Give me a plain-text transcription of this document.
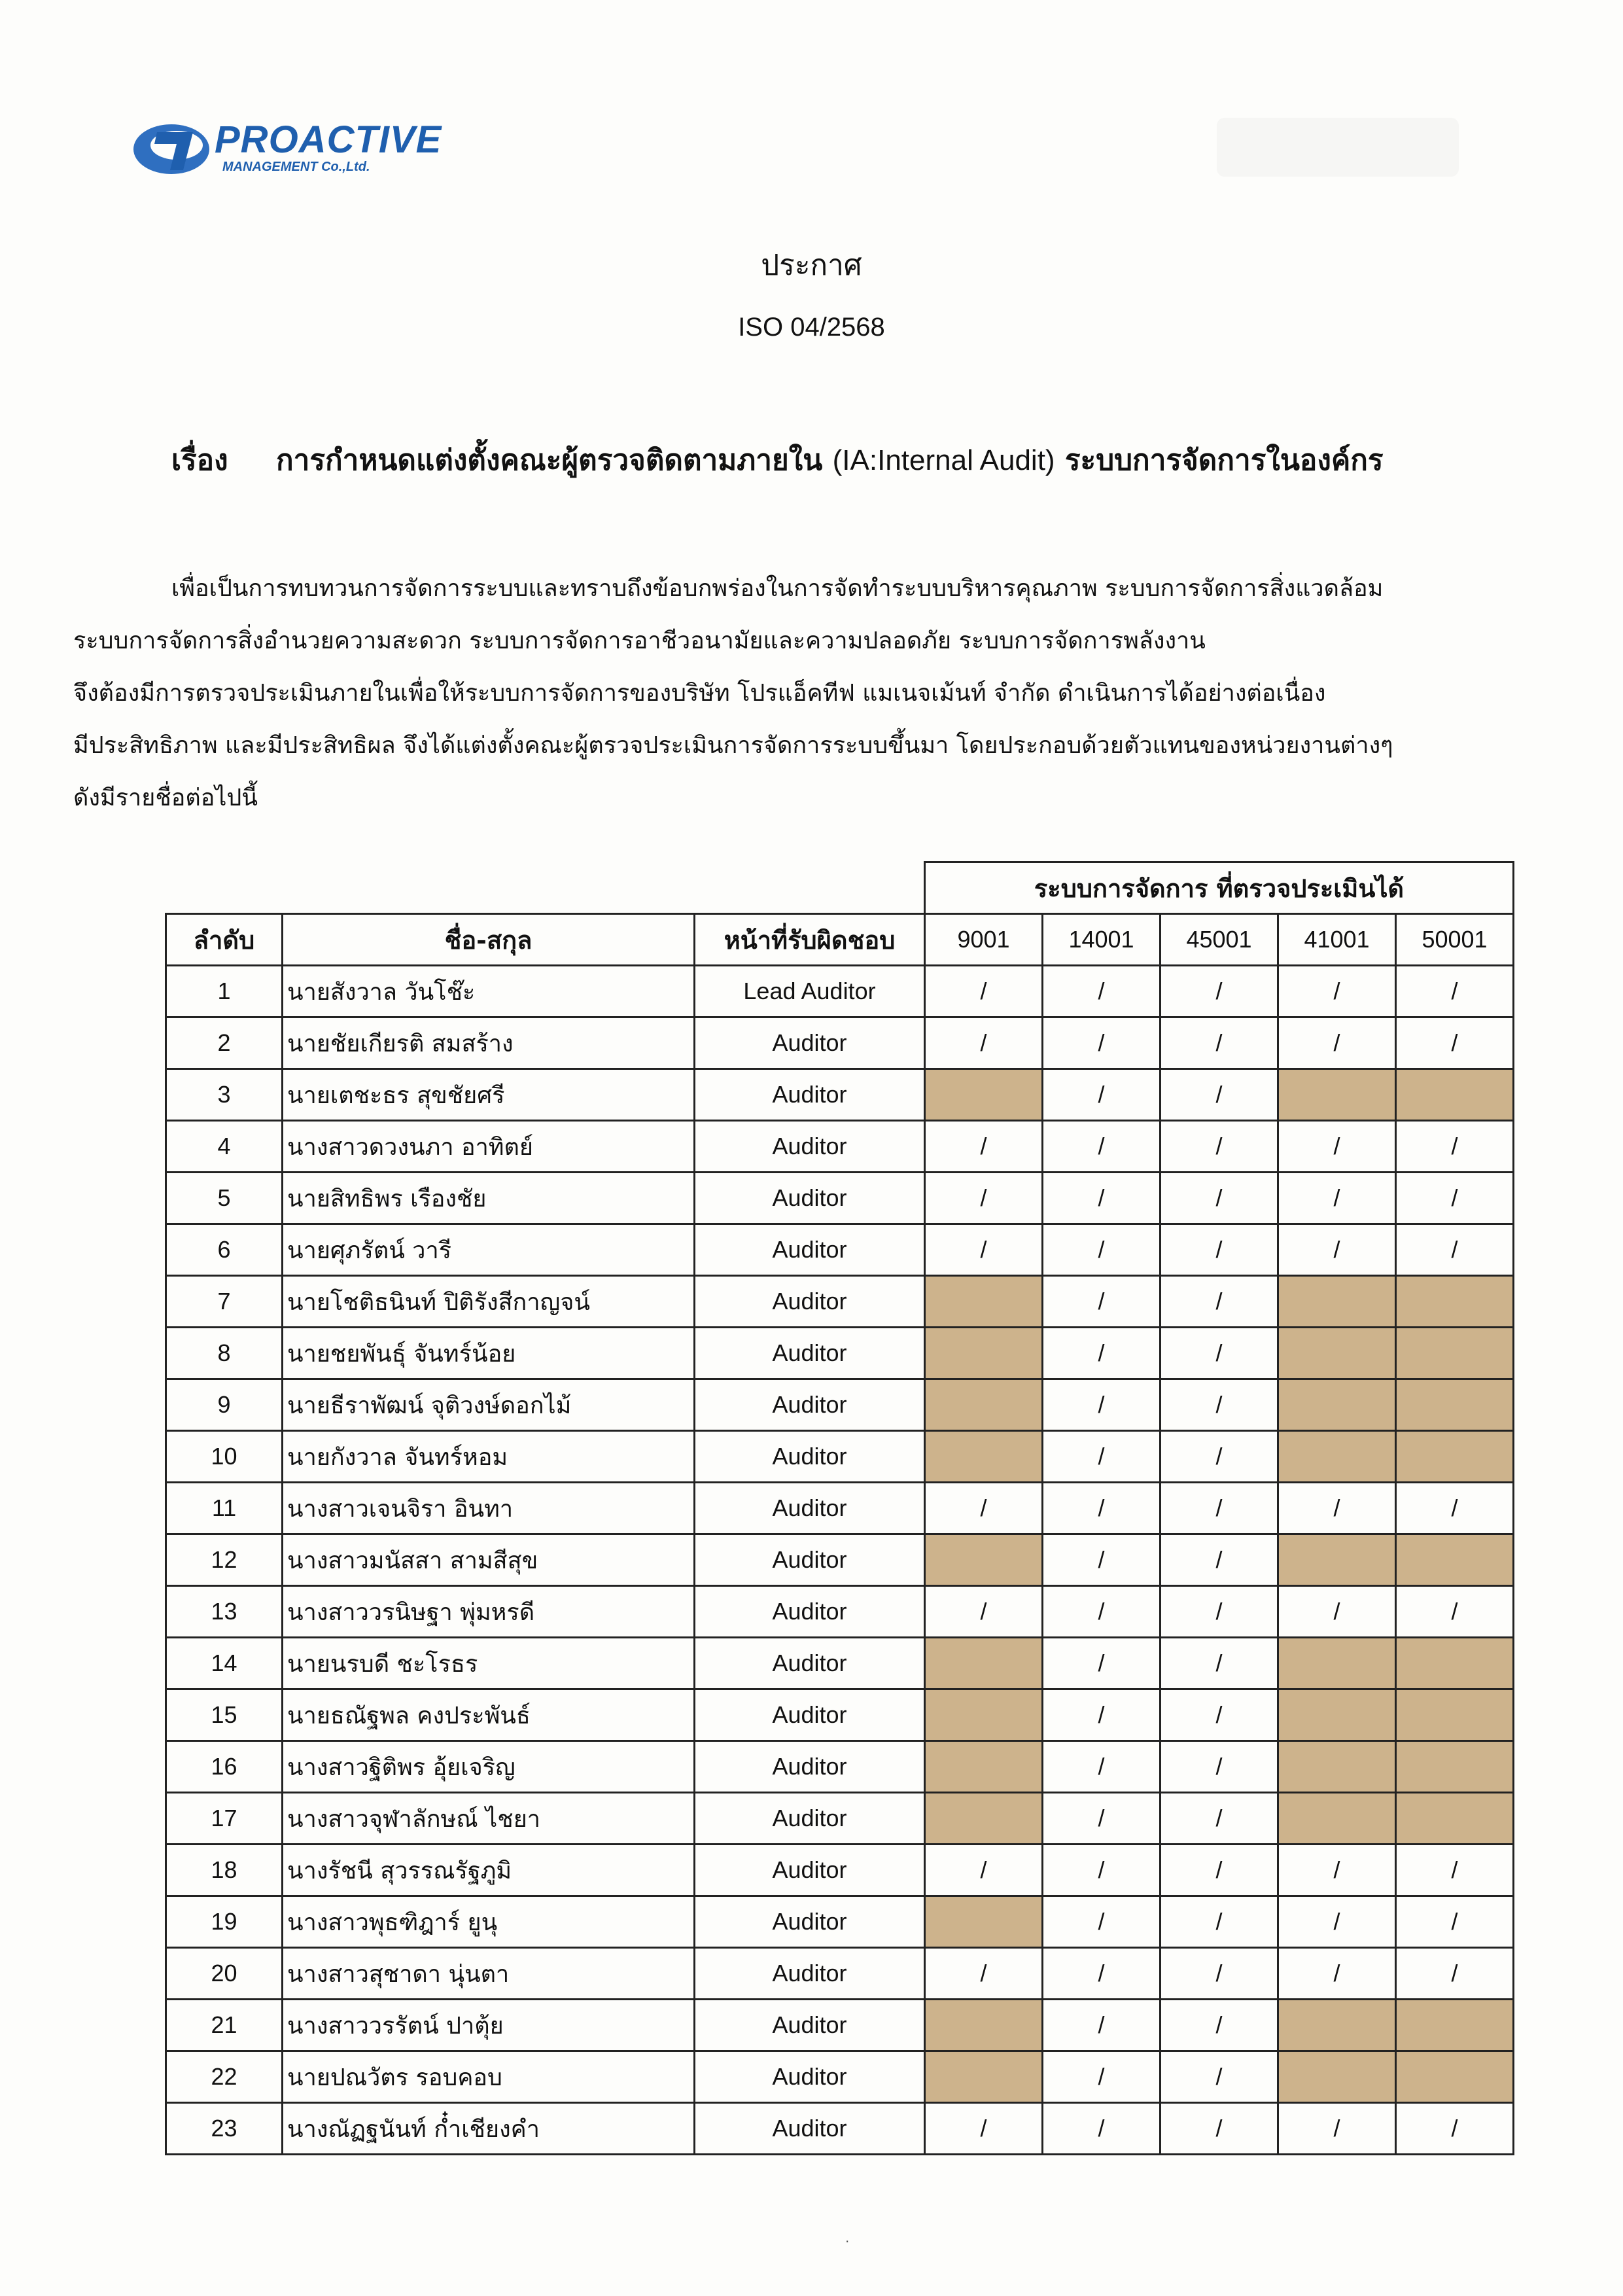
PROACTIVE
MANAGEMENT Co.,Ltd.
ประกาศ
ISO 04/2568
เรื่อง การกำหนดแต่งตั้งคณะผู้ตรวจติดตามภายใน (IA:Internal Audit) ระบบการจัดการในองค์กร
เพื่อเป็นการทบทวนการจัดการระบบและทราบถึงข้อบกพร่องในการจัดทำระบบบริหารคุณภาพ ระบบการจัดการสิ่งแวดล้อม
ระบบการจัดการสิ่งอำนวยความสะดวก ระบบการจัดการอาชีวอนามัยและความปลอดภัย ระบบการจัดการพลังงาน
จึงต้องมีการตรวจประเมินภายในเพื่อให้ระบบการจัดการของบริษัท โปรแอ็คทีฟ แมเนจเม้นท์ จำกัด ดำเนินการได้อย่างต่อเนื่อง
มีประสิทธิภาพ และมีประสิทธิผล จึงได้แต่งตั้งคณะผู้ตรวจประเมินการจัดการระบบขึ้นมา โดยประกอบด้วยตัวแทนของหน่วยงานต่างๆ
ดังมีรายชื่อต่อไปนี้
			ระบบการจัดการ ที่ตรวจประเมินได้				
ลำดับ	ชื่อ-สกุล	หน้าที่รับผิดชอบ	9001	14001	45001	41001	50001
1	นายสังวาล วันโช๊ะ	Lead Auditor	/	/	/	/	/
2	นายชัยเกียรติ สมสร้าง	Auditor	/	/	/	/	/
3	นายเตชะธร สุขชัยศรี	Auditor		/	/		
4	นางสาวดวงนภา อาทิตย์	Auditor	/	/	/	/	/
5	นายสิทธิพร เรืองชัย	Auditor	/	/	/	/	/
6	นายศุภรัตน์ วารี	Auditor	/	/	/	/	/
7	นายโชติธนินท์ ปิติรังสีกาญจน์	Auditor		/	/		
8	นายชยพันธุ์ จันทร์น้อย	Auditor		/	/		
9	นายธีราพัฒน์ จุติวงษ์ดอกไม้	Auditor		/	/		
10	นายกังวาล จันทร์หอม	Auditor		/	/		
11	นางสาวเจนจิรา อินทา	Auditor	/	/	/	/	/
12	นางสาวมนัสสา สามสีสุข	Auditor		/	/		
13	นางสาววรนิษฐา พุ่มหรดี	Auditor	/	/	/	/	/
14	นายนรบดี ชะโรธร	Auditor		/	/		
15	นายธณัฐพล คงประพันธ์	Auditor		/	/		
16	นางสาวฐิติพร อุ้ยเจริญ	Auditor		/	/		
17	นางสาวจุฬาลักษณ์ ไชยา	Auditor		/	/		
18	นางรัชนี สุวรรณรัฐภูมิ	Auditor	/	/	/	/	/
19	นางสาวพุธฑิฎาร์ ยูนุ	Auditor		/	/	/	/
20	นางสาวสุชาดา นุ่นตา	Auditor	/	/	/	/	/
21	นางสาววรรัตน์ ปาตุ้ย	Auditor		/	/		
22	นายปณวัตร รอบคอบ	Auditor		/	/		
23	นางณัฏฐนันท์ ก๋ำเชียงคำ	Auditor	/	/	/	/	/
·
